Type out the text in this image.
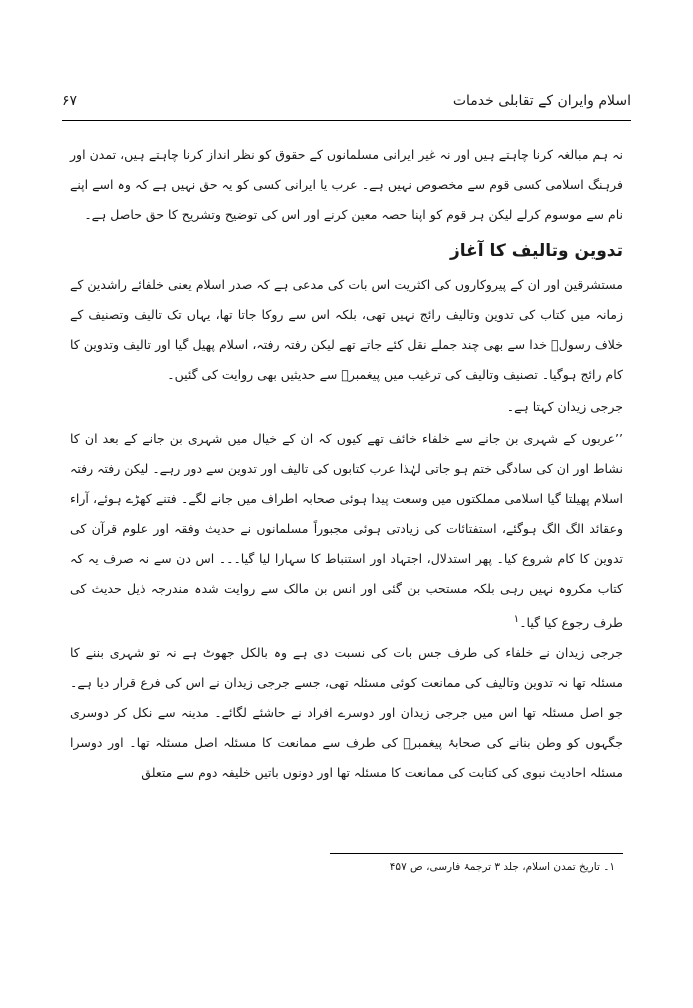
اسلام وایران کے تقابلی خدمات
۶۷

نہ ہم مبالغہ کرنا چاہتے ہیں اور نہ غیر ایرانی مسلمانوں کے حقوق کو نظر انداز کرنا چاہتے ہیں، تمدن اور فرہنگ اسلامی کسی قوم سے مخصوص نہیں ہے۔ عرب یا ایرانی کسی کو یہ حق نہیں ہے کہ وہ اسے اپنے نام سے موسوم کرلے لیکن ہر قوم کو اپنا حصہ معین کرنے اور اس کی توضیح وتشریح کا حق حاصل ہے۔

تدوین وتالیف کا آغاز

مستشرقین اور ان کے پیروکاروں کی اکثریت اس بات کی مدعی ہے کہ صدر اسلام یعنی خلفائے راشدین کے زمانہ میں کتاب کی تدوین وتالیف رائج نہیں تھی، بلکہ اس سے روکا جاتا تھا، یہاں تک تالیف وتصنیف کے خلاف رسولؐ خدا سے بھی چند جملے نقل کئے جاتے تھے لیکن رفتہ رفتہ، اسلام پھیل گیا اور تالیف وتدوین کا کام رائج ہوگیا۔ تصنیف وتالیف کی ترغیب میں پیغمبرؐ سے حدیثیں بھی روایت کی گئیں۔

جرجی زیدان کہتا ہے۔

’’عربوں کے شہری بن جانے سے خلفاء خائف تھے کیوں کہ ان کے خیال میں شہری بن جانے کے بعد ان کا نشاط اور ان کی سادگی ختم ہو جاتی لہٰذا عرب کتابوں کی تالیف اور تدوین سے دور رہے۔ لیکن رفتہ رفتہ اسلام پھیلتا گیا اسلامی مملکتوں میں وسعت پیدا ہوئی صحابہ اطراف میں جانے لگے۔ فتنے کھڑے ہوئے، آراء وعقائد الگ الگ ہوگئے، استفتائات کی زیادتی ہوئی مجبوراً مسلمانوں نے حدیث وفقہ اور علوم قرآن کی تدوین کا کام شروع کیا۔ پھر استدلال، اجتہاد اور استنباط کا سہارا لیا گیا۔۔۔ اس دن سے نہ صرف یہ کہ کتاب مکروہ نہیں رہی بلکہ مستحب بن گئی اور انس بن مالک سے روایت شدہ مندرجہ ذیل حدیث کی طرف رجوع کیا گیا۔$^۱$

جرجی زیدان نے خلفاء کی طرف جس بات کی نسبت دی ہے وہ بالکل جھوٹ ہے نہ تو شہری بننے کا مسئلہ تھا نہ تدوین وتالیف کی ممانعت کوئی مسئلہ تھی، جسے جرجی زیدان نے اس کی فرع قرار دیا ہے۔ جو اصل مسئلہ تھا اس میں جرجی زیدان اور دوسرے افراد نے حاشئے لگائے۔ مدینہ سے نکل کر دوسری جگہوں کو وطن بنانے کی صحابۂ پیغمبرؐ کی طرف سے ممانعت کا مسئلہ اصل مسئلہ تھا۔ اور دوسرا مسئلہ احادیث نبوی کی کتابت کی ممانعت کا مسئلہ تھا اور دونوں باتیں خلیفہ دوم سے متعلق

۱۔ تاریخ تمدن اسلام، جلد ۳ ترجمۂ فارسی، ص ۴۵۷
